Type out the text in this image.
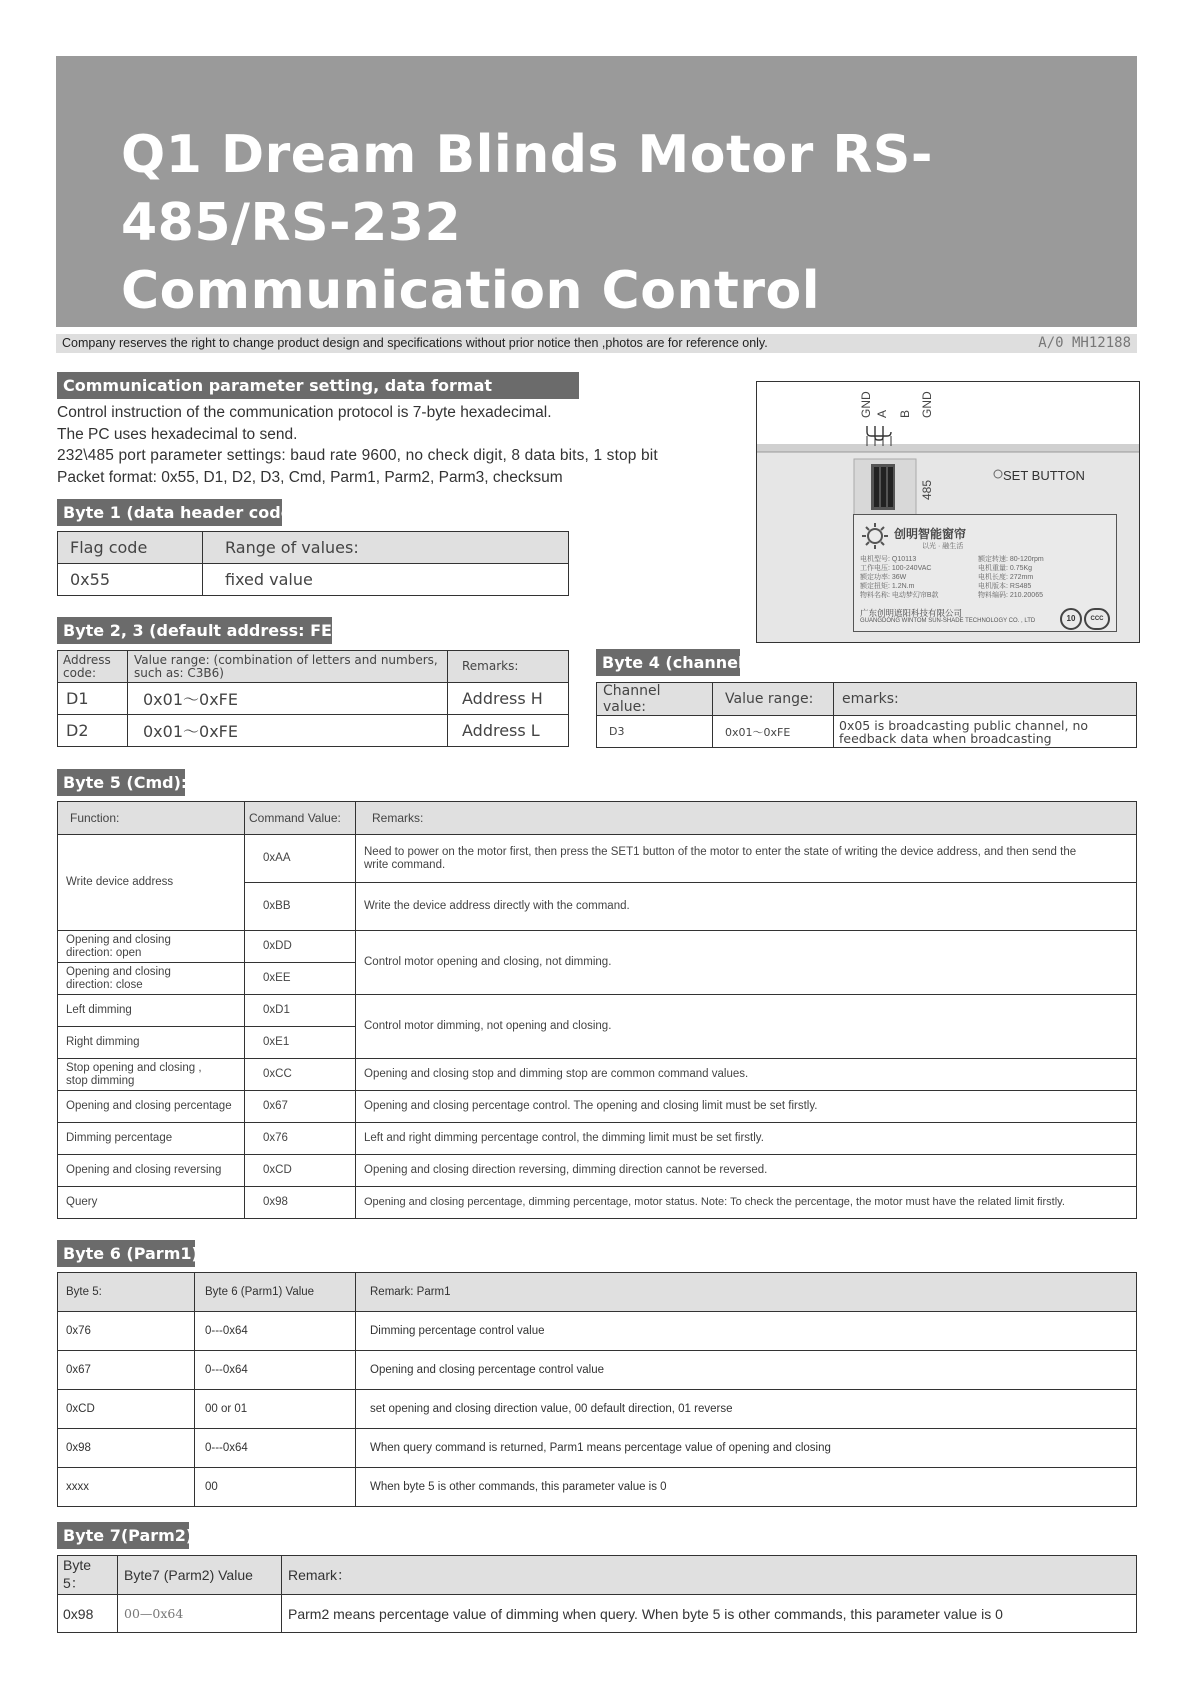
Q1 Dream Blinds Motor RS-485/RS-232
Communication Control
Company reserves the right to change product design and specifications without prior notice then ,photos are for reference only.	A/0 MH12188
Communication parameter setting, data format
Control instruction of the communication protocol is 7-byte hexadecimal.
The PC uses hexadecimal to send.
232\485 port parameter settings: baud rate 9600, no check digit, 8 data bits, 1 stop bit
Packet format: 0x55, D1, D2, D3, Cmd, Parm1, Parm2, Parm3, checksum
GND A B GND
485
SET BUTTON
创明智能窗帘
以光 · 融生活
电机型号: Q10113
工作电压: 100-240VAC
额定功率: 36W
额定扭矩: 1.2N.m
物料名称: 电动梦幻帘B款
额定转速: 80-120rpm
电机重量: 0.75Kg
电机长度: 272mm
电机版本: RS485
物料编码: 210.20065
广东创明遮阳科技有限公司
GUANGDONG WINTOM SUN-SHADE TECHNOLOGY CO. , LTD	10	CCC
Byte 1 (data header code):
Flag code	Range of values:
0x55	fixed value
Byte 2, 3 (default address: FEFE):
Address code:	Value range: (combination of letters and numbers, such as: C3B6)	Remarks:
D1	0x01～0xFE	Address H
D2	0x01～0xFE	Address L
Byte 4 (channel):
Channel value:	Value range:	emarks:
D3	0x01～0xFE	0x05 is broadcasting public channel, no feedback data when broadcasting
Byte 5 (Cmd):
Function:	Command Value:	Remarks:
Write device address	0xAA	Need to power on the motor first, then press the SET1 button of the motor to enter the state of writing the device address, and then send the write command.
	0xBB	Write the device address directly with the command.
Opening and closing direction: open	0xDD	Control motor opening and closing, not dimming.
Opening and closing direction: close	0xEE	
Left dimming	0xD1	Control motor dimming, not opening and closing.
Right dimming	0xE1	
Stop opening and closing , stop dimming	0xCC	Opening and closing stop and dimming stop are common command values.
Opening and closing percentage	0x67	Opening and closing percentage control. The opening and closing limit must be set firstly.
Dimming percentage	0x76	Left and right dimming percentage control, the dimming limit must be set firstly.
Opening and closing reversing	0xCD	Opening and closing direction reversing, dimming direction cannot be reversed.
Query	0x98	Opening and closing percentage, dimming percentage, motor status. Note: To check the percentage, the motor must have the related limit firstly.
Byte 6 (Parm1)：
Byte 5:	Byte 6 (Parm1) Value	Remark: Parm1
0x76	0---0x64	Dimming percentage control value
0x67	0---0x64	Opening and closing percentage control value
0xCD	00 or 01	set opening and closing direction value, 00 default direction, 01 reverse
0x98	0---0x64	When query command is returned, Parm1 means percentage value of opening and closing
xxxx	00	When byte 5 is other commands, this parameter value is 0
Byte 7(Parm2)：
Byte 5：	Byte7 (Parm2) Value	Remark：
0x98	00—0x64	Parm2 means percentage value of dimming when query. When byte 5 is other commands, this parameter value is 0
